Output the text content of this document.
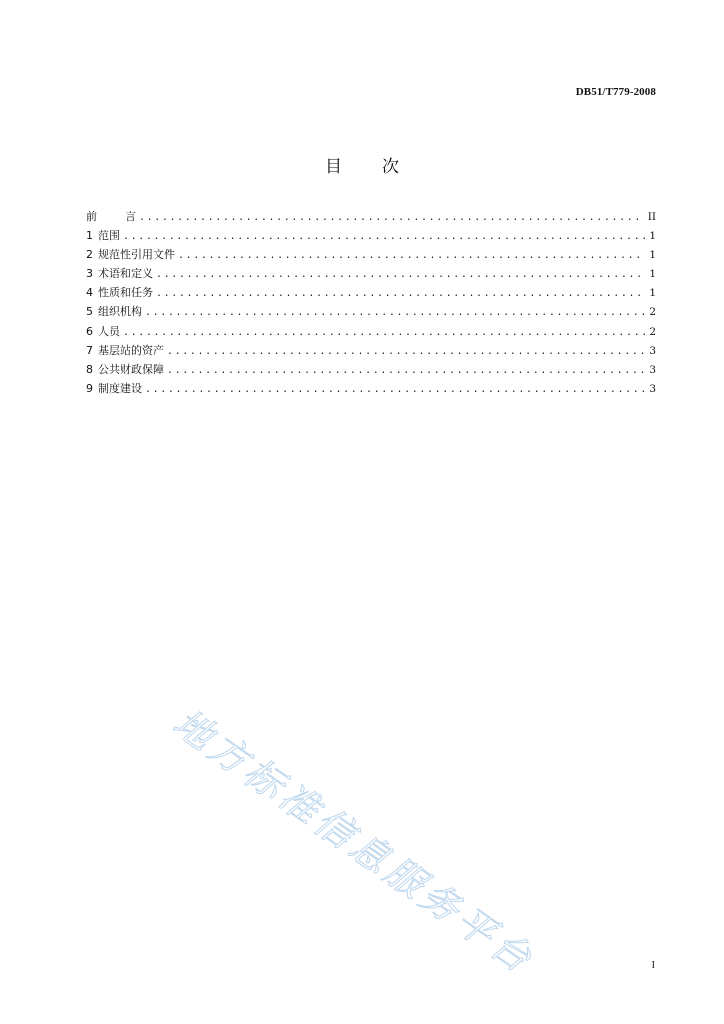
DB51/T779-2008
目 次
前	言 .....	II
1 范围 .....	1
2 规范性引用文件 .....	1
3 术语和定义 .....	1
4 性质和任务 .....	1
5 组织机构 .....	2
6 人员 .....	2
7 基层站的资产 .....	3
8 公共财政保障 .....	3
9 制度建设 .....	3
地方标准信息服务平台	I
